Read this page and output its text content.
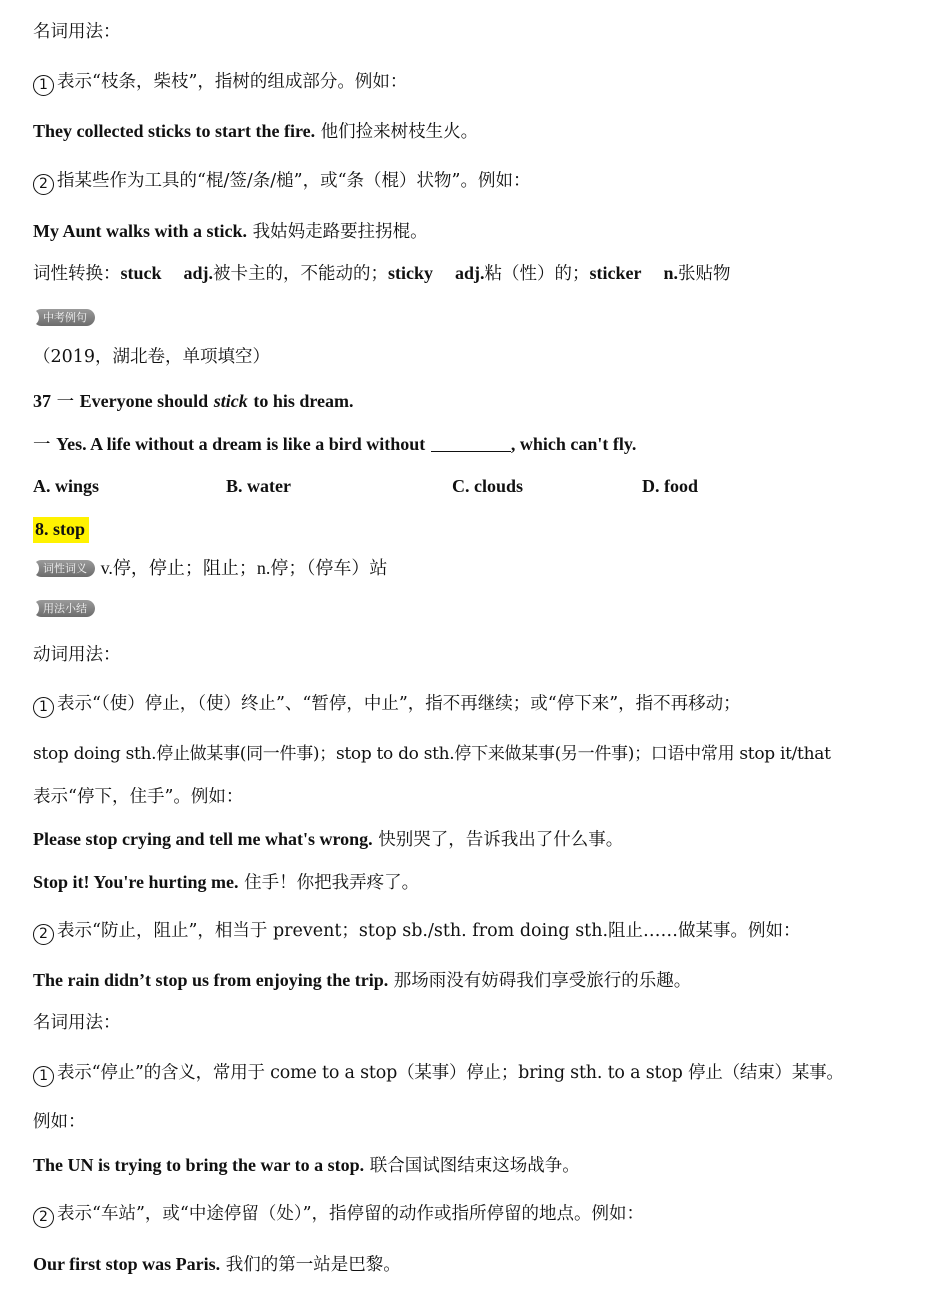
名词用法：
1 表示“枝条，柴枝”，指树的组成部分。例如：
They collected sticks to start the fire. 他们捡来树枝生火。
2 指某些作为工具的“棍/签/条/槌”，或“条（棍）状物”。例如：
My Aunt walks with a stick. 我姑妈走路要拄拐棍。
词性转换：stuck adj.被卡主的，不能动的；sticky adj.粘（性）的；sticker n.张贴物
中考例句
（2019，湖北卷，单项填空）
37 一 Everyone should stick to his dream.
一 Yes. A life without a dream is like a bird without	, which can't fly.
A. wings	B. water	C. clouds	D. food
8. stop
词性词义 v.停，停止；阻止；n.停；（停车）站
用法小结
动词用法：
1 表示“（使）停止，（使）终止”、“暂停，中止”，指不再继续；或“停下来”，指不再移动；
stop doing sth.停止做某事(同一件事)；stop to do sth.停下来做某事(另一件事)；口语中常用 stop it/that
表示“停下，住手”。例如：
Please stop crying and tell me what's wrong. 快别哭了，告诉我出了什么事。
Stop it! You're hurting me. 住手！你把我弄疼了。
2 表示“防止，阻止”，相当于 prevent；stop sb./sth. from doing sth.阻止……做某事。例如：
The rain didn’t stop us from enjoying the trip. 那场雨没有妨碍我们享受旅行的乐趣。
名词用法：
1 表示“停止”的含义，常用于 come to a stop（某事）停止；bring sth. to a stop 停止（结束）某事。
例如：
The UN is trying to bring the war to a stop. 联合国试图结束这场战争。
2 表示“车站”，或“中途停留（处）”，指停留的动作或指所停留的地点。例如：
Our first stop was Paris. 我们的第一站是巴黎。
